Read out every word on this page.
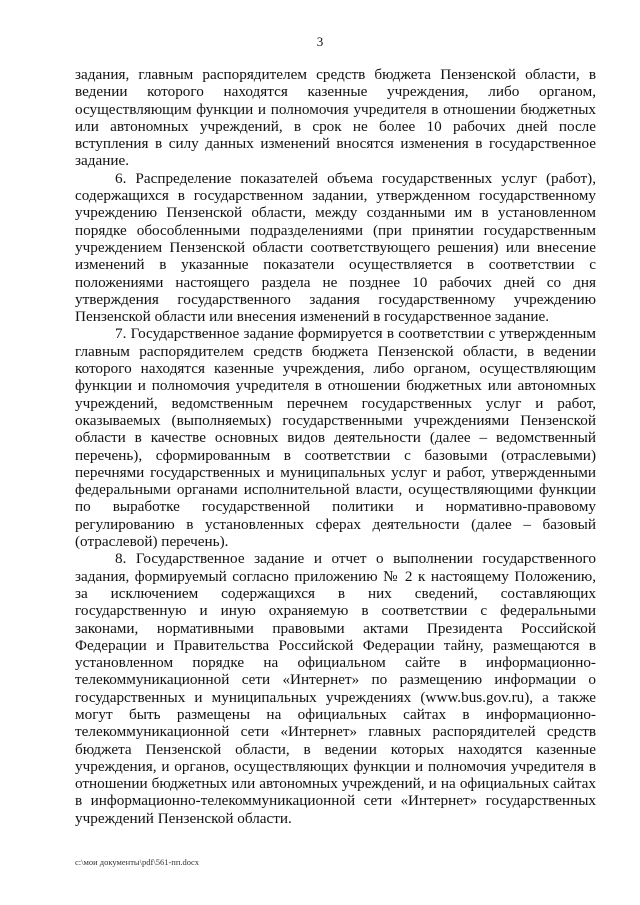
3

задания, главным распорядителем средств бюджета Пензенской области, в ведении которого находятся казенные учреждения, либо органом, осуществляющим функции и полномочия учредителя в отношении бюджетных или автономных учреждений, в срок не более 10 рабочих дней после вступления в силу данных изменений вносятся изменения в государственное задание.

6. Распределение показателей объема государственных услуг (работ), содержащихся в государственном задании, утвержденном государственному учреждению Пензенской области, между созданными им в установленном порядке обособленными подразделениями (при принятии государственным учреждением Пензенской области соответствующего решения) или внесение изменений в указанные показатели осуществляется в соответствии с положениями настоящего раздела не позднее 10 рабочих дней со дня утверждения государственного задания государственному учреждению Пензенской области или внесения изменений в государственное задание.

7. Государственное задание формируется в соответствии с утвержденным главным распорядителем средств бюджета Пензенской области, в ведении которого находятся казенные учреждения, либо органом, осуществляющим функции и полномочия учредителя в отношении бюджетных или автономных учреждений, ведомственным перечнем государственных услуг и работ, оказываемых (выполняемых) государственными учреждениями Пензенской области в качестве основных видов деятельности (далее – ведомственный перечень), сформированным в соответствии с базовыми (отраслевыми) перечнями государственных и муниципальных услуг и работ, утвержденными федеральными органами исполнительной власти, осуществляющими функции по выработке государственной политики и нормативно-правовому регулированию в установленных сферах деятельности (далее – базовый (отраслевой) перечень).

8. Государственное задание и отчет о выполнении государственного задания, формируемый согласно приложению № 2 к настоящему Положению, за исключением содержащихся в них сведений, составляющих государственную и иную охраняемую в соответствии с федеральными законами, нормативными правовыми актами Президента Российской Федерации и Правительства Российской Федерации тайну, размещаются в установленном порядке на официальном сайте в информационно-телекоммуникационной сети «Интернет» по размещению информации о государственных и муниципальных учреждениях (www.bus.gov.ru), а также могут быть размещены на официальных сайтах в информационно-телекоммуникационной сети «Интернет» главных распорядителей средств бюджета Пензенской области, в ведении которых находятся казенные учреждения, и органов, осуществляющих функции и полномочия учредителя в отношении бюджетных или автономных учреждений, и на официальных сайтах в информационно-телекоммуникационной сети «Интернет» государственных учреждений Пензенской области.

c:\мои документы\pdf\561-пп.docx
